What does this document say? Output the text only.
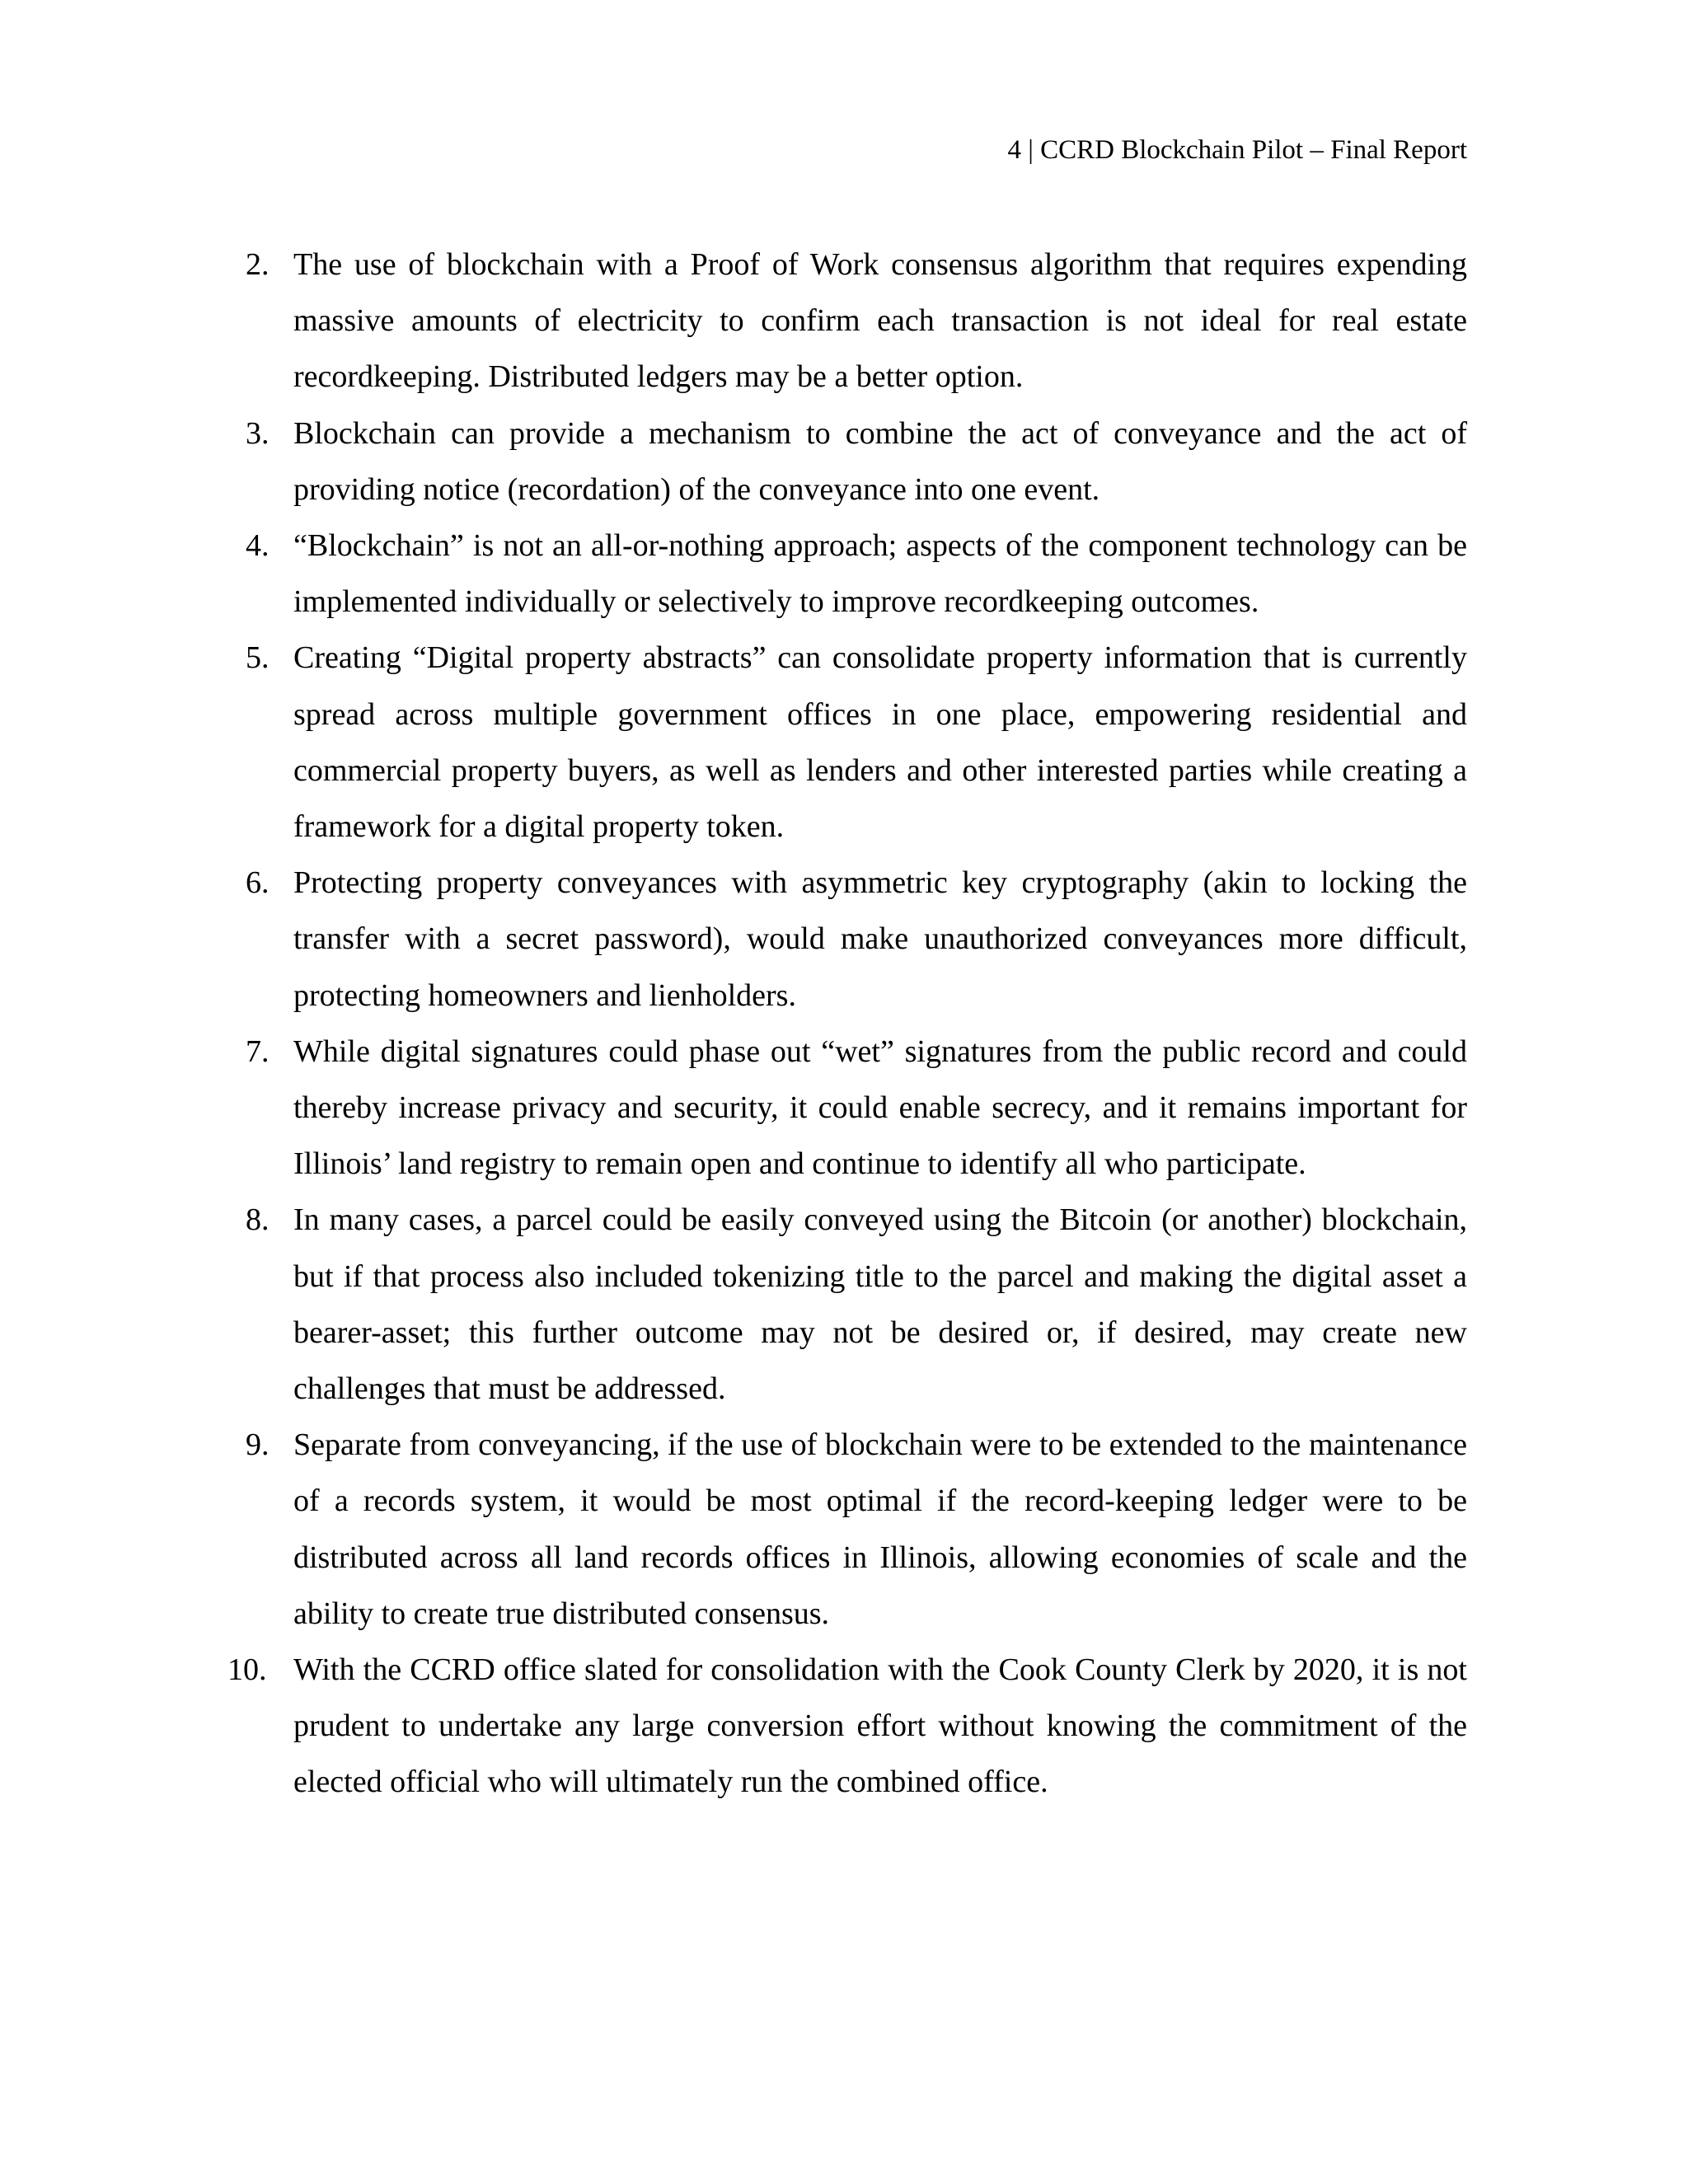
4 | CCRD Blockchain Pilot – Final Report
2. The use of blockchain with a Proof of Work consensus algorithm that requires expending massive amounts of electricity to confirm each transaction is not ideal for real estate recordkeeping. Distributed ledgers may be a better option.
3. Blockchain can provide a mechanism to combine the act of conveyance and the act of providing notice (recordation) of the conveyance into one event.
4. “Blockchain” is not an all-or-nothing approach; aspects of the component technology can be implemented individually or selectively to improve recordkeeping outcomes.
5. Creating “Digital property abstracts” can consolidate property information that is currently spread across multiple government offices in one place, empowering residential and commercial property buyers, as well as lenders and other interested parties while creating a framework for a digital property token.
6. Protecting property conveyances with asymmetric key cryptography (akin to locking the transfer with a secret password), would make unauthorized conveyances more difficult, protecting homeowners and lienholders.
7. While digital signatures could phase out “wet” signatures from the public record and could thereby increase privacy and security, it could enable secrecy, and it remains important for Illinois’ land registry to remain open and continue to identify all who participate.
8. In many cases, a parcel could be easily conveyed using the Bitcoin (or another) blockchain, but if that process also included tokenizing title to the parcel and making the digital asset a bearer-asset; this further outcome may not be desired or, if desired, may create new challenges that must be addressed.
9. Separate from conveyancing, if the use of blockchain were to be extended to the maintenance of a records system, it would be most optimal if the record-keeping ledger were to be distributed across all land records offices in Illinois, allowing economies of scale and the ability to create true distributed consensus.
10. With the CCRD office slated for consolidation with the Cook County Clerk by 2020, it is not prudent to undertake any large conversion effort without knowing the commitment of the elected official who will ultimately run the combined office.
